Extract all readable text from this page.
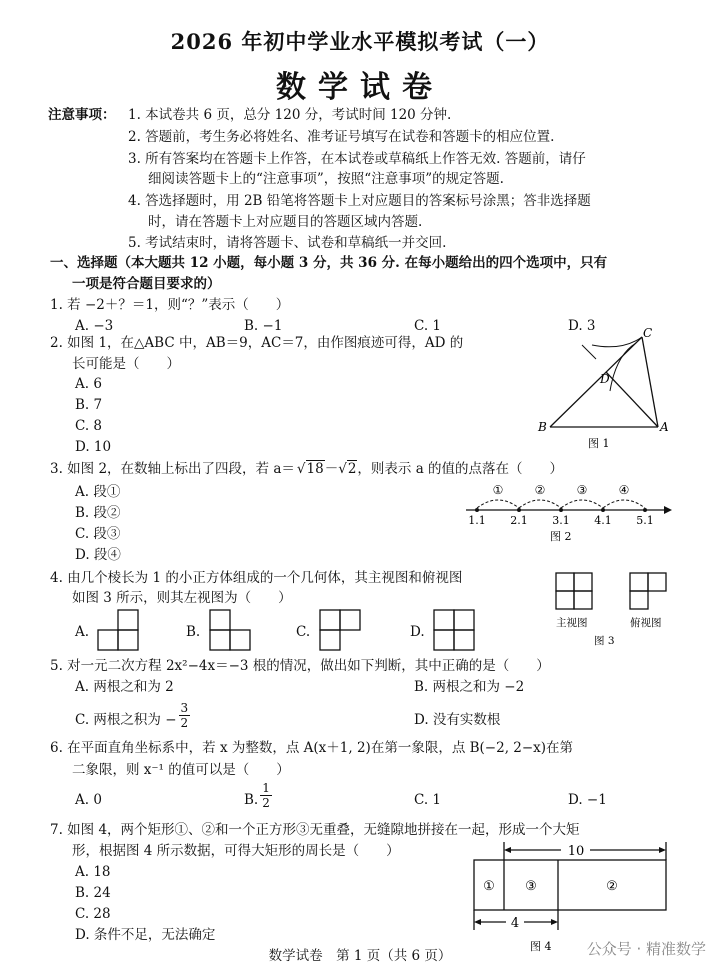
2026 年初中学业水平模拟考试（一）
数学试卷
注意事项： 1. 本试卷共 6 页，总分 120 分，考试时间 120 分钟.
2. 答题前，考生务必将姓名、准考证号填写在试卷和答题卡的相应位置.
3. 所有答案均在答题卡上作答，在本试卷或草稿纸上作答无效. 答题前，请仔
细阅读答题卡上的“注意事项”，按照“注意事项”的规定答题.
4. 答选择题时，用 2B 铅笔将答题卡上对应题目的答案标号涂黑；答非选择题
时，请在答题卡上对应题目的答题区域内答题.
5. 考试结束时，请将答题卡、试卷和草稿纸一并交回.
一、选择题（本大题共 12 小题，每小题 3 分，共 36 分. 在每小题给出的四个选项中，只有
一项是符合题目要求的）
1. 若 −2＋？＝1，则“？”表示（　　）
A. −3	B. −1	C. 1	D. 3
2. 如图 1，在△ABC 中，AB＝9，AC＝7，由作图痕迹可得，AD 的
长可能是（　　）
A. 6
B. 7
C. 8
D. 10
B	A
C
D
图 1
3. 如图 2，在数轴上标出了四段，若 a＝ √18－√2，则表示 a 的值的点落在（　　）
A. 段①
B. 段②
C. 段③
D. 段④
①	②	③	④
1.1 2.1 3.1 4.1 5.1
图 2
4. 由几个棱长为 1 的小正方体组成的一个几何体，其主视图和俯视图
如图 3 所示，则其左视图为（　　）
A.	B.	C.	D.
主视图	俯视图
图 3
5. 对一元二次方程 2x²−4x＝−3 根的情况，做出如下判断，其中正确的是（　　）
A. 两根之和为 2	B. 两根之和为 −2
C. 两根之积为 − $\frac{3}{2}$	D. 没有实数根
6. 在平面直角坐标系中，若 x 为整数，点 A(x＋1, 2)在第一象限，点 B(−2, 2−x)在第
二象限，则 x⁻¹ 的值可以是（　　）
A. 0	B. $\frac{1}{2}$	C. 1	D. −1
7. 如图 4，两个矩形①、②和一个正方形③无重叠，无缝隙地拼接在一起，形成一个大矩
形，根据图 4 所示数据，可得大矩形的周长是（　　）
A. 18
B. 24
C. 28
D. 条件不足，无法确定
10
4
① ③	②
图 4
数学试卷　第 1 页（共 6 页）	公众号 · 精准数学
